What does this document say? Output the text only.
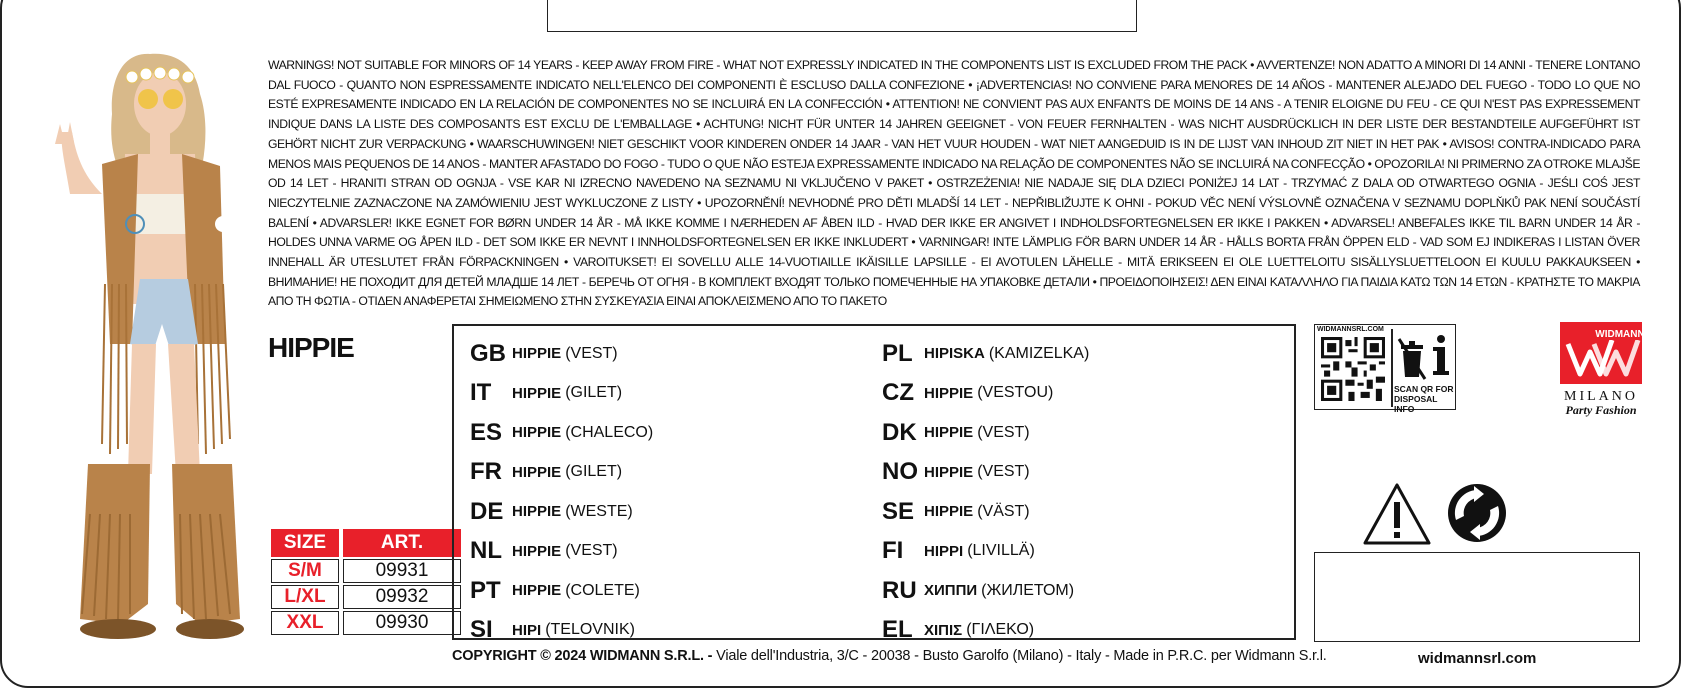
WARNINGS! NOT SUITABLE FOR MINORS OF 14 YEARS - KEEP AWAY FROM FIRE - WHAT NOT EXPRESSLY INDICATED IN THE COMPONENTS LIST IS EXCLUDED FROM THE PACK • AVVERTENZE! NON ADATTO A MINORI DI 14 ANNI - TENERE LONTANO DAL FUOCO - QUANTO NON ESPRESSAMENTE INDICATO NELL'ELENCO DEI COMPONENTI È ESCLUSO DALLA CONFEZIONE • ¡ADVERTENCIAS! NO CONVIENE PARA MENORES DE 14 AÑOS - MANTENER ALEJADO DEL FUEGO - TODO LO QUE NO ESTÉ EXPRESAMENTE INDICADO EN LA RELACIÓN DE COMPONENTES NO SE INCLUIRÁ EN LA CONFECCIÓN • ATTENTION! NE CONVIENT PAS AUX ENFANTS DE MOINS DE 14 ANS - A TENIR ELOIGNE DU FEU - CE QUI N'EST PAS EXPRESSEMENT INDIQUE DANS LA LISTE DES COMPOSANTS EST EXCLU DE L'EMBALLAGE • ACHTUNG! NICHT FÜR UNTER 14 JAHREN GEEIGNET - VON FEUER FERNHALTEN - WAS NICHT AUSDRÜCKLICH IN DER LISTE DER BESTANDTEILE AUFGEFÜHRT IST GEHÖRT NICHT ZUR VERPACKUNG • WAARSCHUWINGEN! NIET GESCHIKT VOOR KINDEREN ONDER 14 JAAR - VAN HET VUUR HOUDEN - WAT NIET AANGEDUID IS IN DE LIJST VAN INHOUD ZIT NIET IN HET PAK • AVISOS! CONTRA-INDICADO PARA MENOS MAIS PEQUENOS DE 14 ANOS - MANTER AFASTADO DO FOGO - TUDO O QUE NÃO ESTEJA EXPRESSAMENTE INDICADO NA RELAÇÃO DE COMPONENTES NÃO SE INCLUIRÁ NA CONFECÇÃO • OPOZORILA! NI PRIMERNO ZA OTROKE MLAJŠE OD 14 LET - HRANITI STRAN OD OGNJA - VSE KAR NI IZRECNO NAVEDENO NA SEZNAMU NI VKLJUČENO V PAKET • OSTRZEŻENIA! NIE NADAJE SIĘ DLA DZIECI PONIŻEJ 14 LAT - TRZYMAĆ Z DALA OD OTWARTEGO OGNIA - JEŚLI COŚ JEST NIECZYTELNIE ZAZNACZONE NA ZAMÓWIENIU JEST WYKLUCZONE Z LISTY • UPOZORNĚNÍ! NEVHODNÉ PRO DĚTI MLADŠÍ 14 LET - NEPŘIBLIŽUJTE K OHNI - POKUD VĚC NENÍ VÝSLOVNĚ OZNAČENA V SEZNAMU DOPLŇKŮ PAK NENÍ SOUČÁSTÍ BALENÍ • ADVARSLER! IKKE EGNET FOR BØRN UNDER 14 ÅR - MÅ IKKE KOMME I NÆRHEDEN AF ÅBEN ILD - HVAD DER IKKE ER ANGIVET I INDHOLDSFORTEGNELSEN ER IKKE I PAKKEN • ADVARSEL! ANBEFALES IKKE TIL BARN UNDER 14 ÅR - HOLDES UNNA VARME OG ÅPEN ILD - DET SOM IKKE ER NEVNT I INNHOLDSFORTEGNELSEN ER IKKE INKLUDERT • VARNINGAR! INTE LÄMPLIG FÖR BARN UNDER 14 ÅR - HÅLLS BORTA FRÅN ÖPPEN ELD - VAD SOM EJ INDIKERAS I LISTAN ÖVER INNEHALL ÄR UTESLUTET FRÅN FÖRPACKNINGEN • VAROITUKSET! EI SOVELLU ALLE 14-VUOTIAILLE IKÄISILLE LAPSILLE - EI AVOTULEN LÄHELLE - MITÄ ERIKSEEN EI OLE LUETTELOITU SISÄLLYSLUETTELOON EI KUULU PAKKAUKSEEN • ВНИМАНИЕ! НЕ ПОХОДИТ ДЛЯ ДЕТЕЙ МЛАДШЕ 14 ЛЕТ - БЕРЕЧЬ ОТ ОГНЯ - В КОМПЛЕКТ ВХОДЯТ ТОЛЬКО ПОМЕЧЕННЫЕ НА УПАКОВКЕ ДЕТАЛИ • ΠΡΟΕΙΔΟΠΟΙΗΣΕΙΣ! ΔΕΝ ΕΙΝΑΙ ΚΑΤΑΛΛΗΛΟ ΓΙΑ ΠΑΙΔΙΑ ΚΑΤΩ ΤΩΝ 14 ΕΤΩΝ - ΚΡΑΤΗΣΤΕ ΤΟ ΜΑΚΡΙΑ ΑΠΟ ΤΗ ΦΩΤΙΑ - ΟΤΙΔΕΝ ΑΝΑΦΕΡΕΤΑΙ ΣΗΜΕΙΩΜΕΝΟ ΣΤΗΝ ΣΥΣΚΕΥΑΣΙΑ ΕΙΝΑΙ ΑΠΟΚΛΕΙΣΜΕΝΟ ΑΠΟ ΤΟ ΠΑΚΕΤΟ

HIPPIE
SIZE	ART.
S/M	09931
L/XL	09932
XXL	09930
GB HIPPIE (VEST)
IT	HIPPIE (GILET)
ES HIPPIE (CHALECO)
FR HIPPIE (GILET)
DE HIPPIE (WESTE)
NL HIPPIE (VEST)
PT HIPPIE (COLETE)
SI	HIPI (TELOVNIK)
PL HIPISKA (KAMIZELKA)
CZ HIPPIE (VESTOU)
DK HIPPIE (VEST)
NO HIPPIE (VEST)
SE HIPPIE (VÄST)
FI	HIPPI (LIVILLÄ)
RU ХИППИ (ЖИЛЕТОМ)
EL ΧΙΠΙΣ (ΓΙΛΕΚΟ)
COPYRIGHT © 2024 WIDMANN S.R.L. - Viale dell'Industria, 3/C - 20038 - Busto Garolfo (Milano) - Italy - Made in P.R.C. per Widmann S.r.l.
WIDMANNSRL.COM
SCAN QR FOR
DISPOSAL INFO
WIDMANN
MILANO
Party Fashion
widmannsrl.com
